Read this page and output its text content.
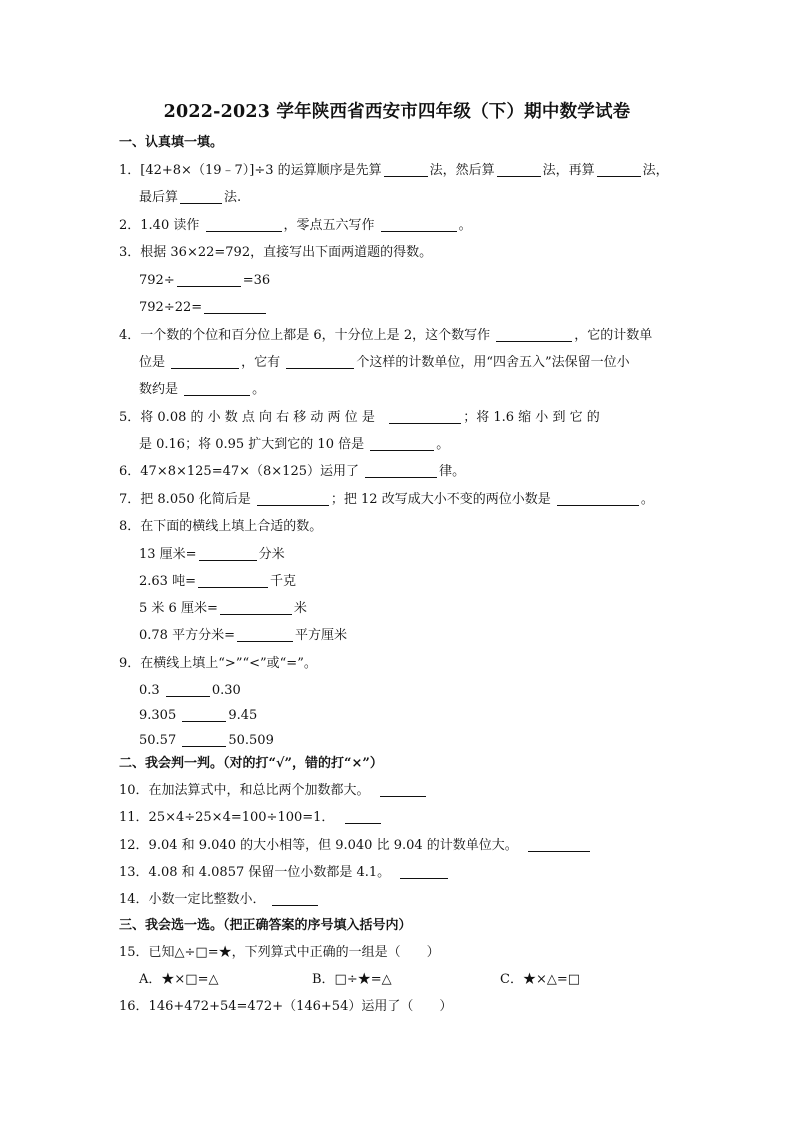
2022-2023 学年陕西省西安市四年级（下）期中数学试卷
一、认真填一填。
1．[42+8×（19﹣7）]÷3 的运算顺序是先算	法，然后算	法，再算	法，
最后算	法.
2．1.40 读作	，零点五六写作	。
3．根据 36×22=792，直接写出下面两道题的得数。
792÷	=36
792÷22=
4．一个数的个位和百分位上都是 6，十分位上是 2，这个数写作	，它的计数单
位是	，它有	个这样的计数单位，用“四舍五入”法保留一位小
数约是	。
5．将 0.08 的 小 数 点 向 右 移 动 两 位 是	；将 1.6 缩 小 到 它 的
是 0.16；将 0.95 扩大到它的 10 倍是	。
6．47×8×125=47×（8×125）运用了	律。
7．把 8.050 化简后是	；把 12 改写成大小不变的两位小数是	。
8．在下面的横线上填上合适的数。
13 厘米=	分米
2.63 吨=	千克
5 米 6 厘米=	米
0.78 平方分米=	平方厘米
9．在横线上填上“>”“<”或“=”。
0.3	0.30
9.305	9.45
50.57	50.509
二、我会判一判。（对的打“√”，错的打“×”）
10．在加法算式中，和总比两个加数都大。
11．25×4÷25×4=100÷100=1．
12．9.04 和 9.040 的大小相等，但 9.040 比 9.04 的计数单位大。
13．4.08 和 4.0857 保留一位小数都是 4.1。
14．小数一定比整数小．
三、我会选一选。（把正确答案的序号填入括号内）
15．已知△÷□=★，下列算式中正确的一组是（　　）
A．★×□=△	B．□÷★=△	C．★×△=□
16．146+472+54=472+（146+54）运用了（　　）
